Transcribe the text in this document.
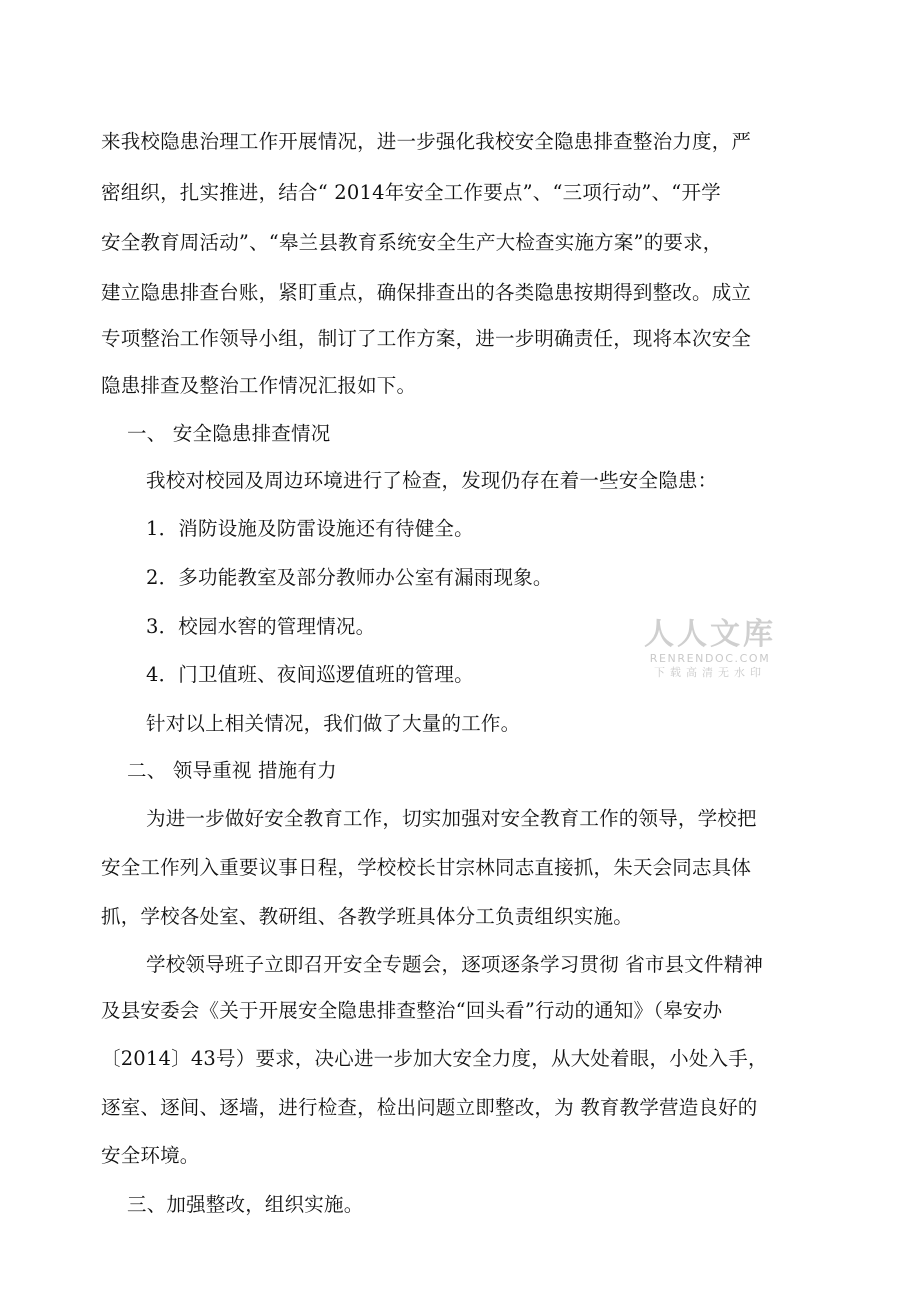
来我校隐患治理工作开展情况，进一步强化我校安全隐患排查整治力度，严
密组织，扎实推进，结合“ 2014年安全工作要点”、“三项行动”、“开学
安全教育周活动”、“皋兰县教育系统安全生产大检查实施方案”的要求，
建立隐患排查台账，紧盯重点，确保排查出的各类隐患按期得到整改。成立
专项整治工作领导小组，制订了工作方案，进一步明确责任，现将本次安全
隐患排查及整治工作情况汇报如下。
一、 安全隐患排查情况
我校对校园及周边环境进行了检查，发现仍存在着一些安全隐患：
1．消防设施及防雷设施还有待健全。
2．多功能教室及部分教师办公室有漏雨现象。
3．校园水窖的管理情况。
4．门卫值班、夜间巡逻值班的管理。
针对以上相关情况，我们做了大量的工作。
二、 领导重视 措施有力
为进一步做好安全教育工作，切实加强对安全教育工作的领导，学校把
安全工作列入重要议事日程，学校校长甘宗林同志直接抓，朱天会同志具体
抓，学校各处室、教研组、各教学班具体分工负责组织实施。
学校领导班子立即召开安全专题会，逐项逐条学习贯彻 省市县文件精神
及县安委会《关于开展安全隐患排查整治“回头看”行动的通知》（皋安办
〔2014〕43号）要求，决心进一步加大安全力度，从大处着眼，小处入手，
逐室、逐间、逐墙，进行检查，检出问题立即整改，为 教育教学营造良好的
安全环境。
三、加强整改，组织实施。
人人文库
RENRENDOC.COM
下载高清无水印
